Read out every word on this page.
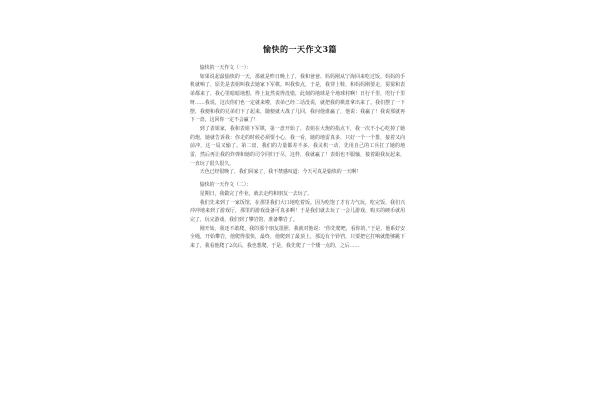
愉快的一天作文3篇

愉快的一天作文（一）：

如果说起最愉快的一天，那就是昨日晚上了，我和爸爸、妈妈刚从宁海回来吃过饭，妈妈的手机就响了，原先是表姐叫我去她家下军棋。叫我快点，于是，我穿上鞋，和妈妈刚要走，舅舅和表弟都来了，我心里暗暗地想，得上复然说得没错，此刻的地球是个地球村啊！日行千里，咫行千里呀……我说，这次你们也一定就来啦，表弟已经二话没说，就把我的棋盘拿出来了。我们摆了一下摆，我便和我的兄弟们下了起来，随便就大战了几回，我问他谁赢了，他说：我赢了！我说那就再下一盘，这回你一定不会赢了！

到了表姐家，我和表姐下军棋，第一盘开始了，表姐在大炮的指点下，我一次不小心吃掉了她的炮，她就告诉我：你走的时候必须要小心，我一看，她的地雷真多，只好一个一个排，接着又向前冲，这一局又输了。第二盘，我们的力量都差不多，我灵机一动，先用自己的工兵扛了她的地雷，然后再让我的炸弹和她的司令同归于尽，这样，我就赢了！表姐也不服输，接着跟我玩起来，一直玩了很久很久。

天色已经很晚了，我们回家了，我不禁感叹道：今天可真是愉快的一天啊！

愉快的一天作文（二）：

星期日，我做完了作业，就去走约和朋友一去玩了。

我们先来到了一家饭馆，在那里我们大口地吃着饭。因为吃饱了才有力气玩，吃完饭，我们兴冲冲地来到了游戏厅，那里的游戏设备可真多啊！于是我们就去玩了一会儿游戏，购买的硬币就用完了，玩完游戏，我们到了攀岩馆，准备攀岩了。

刚开始，我还不敢爬，我的那个朋友很胆，我就对他说：“你先爬吧，看你的。”于是，他系好安全绳，开始攀岩，他爬得很快，最终，他爬到了最顶上，那边有个铃铛，只要把它打响就能够跳下来了，我看他爬了2次后，我也想爬，于是，我先爬了一个矮一点的，之后……
